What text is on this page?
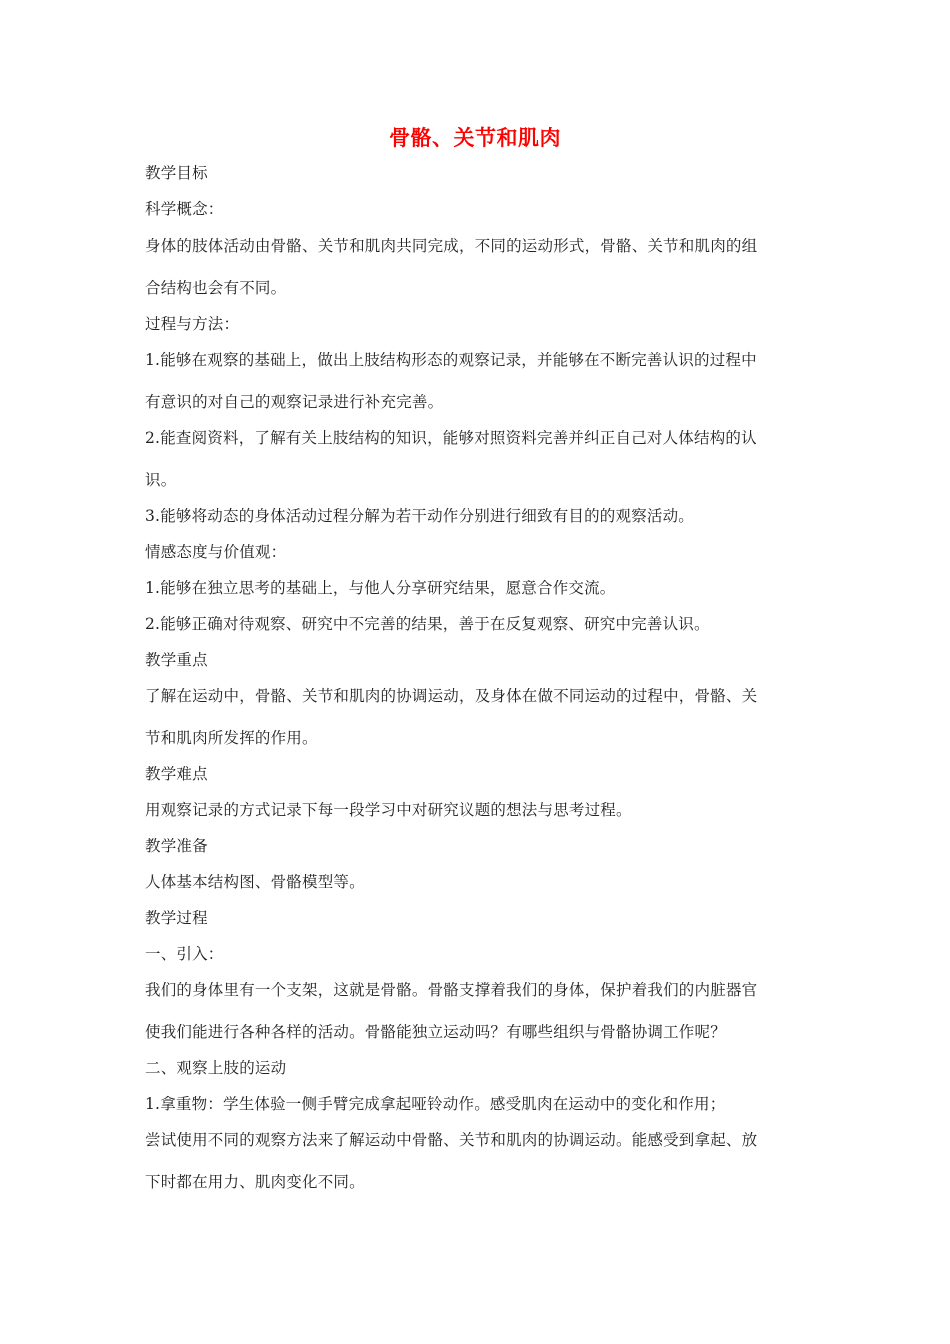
骨骼、关节和肌肉
教学目标
科学概念：
身体的肢体活动由骨骼、关节和肌肉共同完成，不同的运动形式，骨骼、关节和肌肉的组
合结构也会有不同。
过程与方法：
1.能够在观察的基础上，做出上肢结构形态的观察记录，并能够在不断完善认识的过程中
有意识的对自己的观察记录进行补充完善。
2.能查阅资料，了解有关上肢结构的知识，能够对照资料完善并纠正自己对人体结构的认
识。
3.能够将动态的身体活动过程分解为若干动作分别进行细致有目的的观察活动。
情感态度与价值观：
1.能够在独立思考的基础上，与他人分享研究结果，愿意合作交流。
2.能够正确对待观察、研究中不完善的结果，善于在反复观察、研究中完善认识。
教学重点
了解在运动中，骨骼、关节和肌肉的协调运动，及身体在做不同运动的过程中，骨骼、关
节和肌肉所发挥的作用。
教学难点
用观察记录的方式记录下每一段学习中对研究议题的想法与思考过程。
教学准备
人体基本结构图、骨骼模型等。
教学过程
一、引入：
我们的身体里有一个支架，这就是骨骼。骨骼支撑着我们的身体，保护着我们的内脏器官
使我们能进行各种各样的活动。骨骼能独立运动吗？有哪些组织与骨骼协调工作呢？
二、观察上肢的运动
1.拿重物：学生体验一侧手臂完成拿起哑铃动作。感受肌肉在运动中的变化和作用；
尝试使用不同的观察方法来了解运动中骨骼、关节和肌肉的协调运动。能感受到拿起、放
下时都在用力、肌肉变化不同。
